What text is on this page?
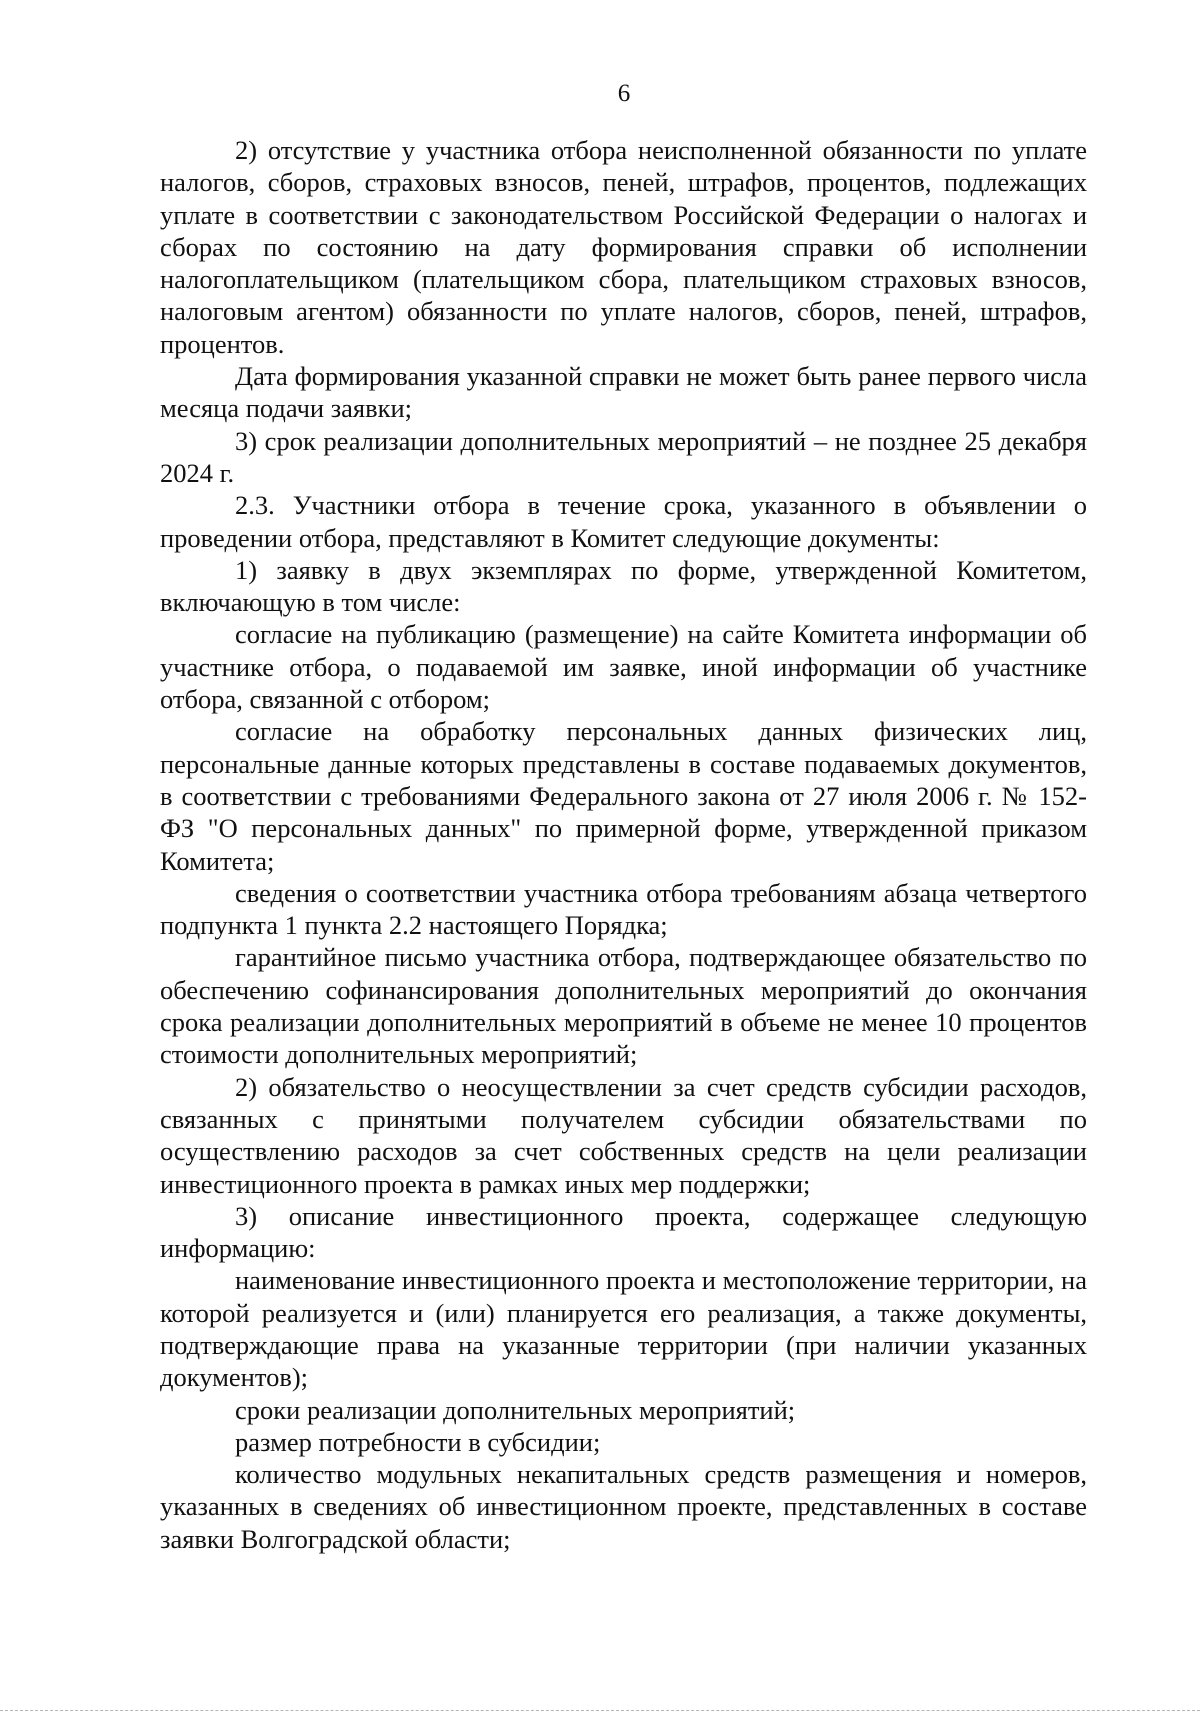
6

2) отсутствие у участника отбора неисполненной обязанности по уплате налогов, сборов, страховых взносов, пеней, штрафов, процентов, подлежащих уплате в соответствии с законодательством Российской Федерации о налогах и сборах по состоянию на дату формирования справки об исполнении налогоплательщиком (плательщиком сбора, плательщиком страховых взносов, налоговым агентом) обязанности по уплате налогов, сборов, пеней, штрафов, процентов.

Дата формирования указанной справки не может быть ранее первого числа месяца подачи заявки;

3) срок реализации дополнительных мероприятий – не позднее 25 декабря 2024 г.

2.3. Участники отбора в течение срока, указанного в объявлении о проведении отбора, представляют в Комитет следующие документы:

1) заявку в двух экземплярах по форме, утвержденной Комитетом, включающую в том числе:

согласие на публикацию (размещение) на сайте Комитета информации об участнике отбора, о подаваемой им заявке, иной информации об участнике отбора, связанной с отбором;

согласие на обработку персональных данных физических лиц, персональные данные которых представлены в составе подаваемых документов, в соответствии с требованиями Федерального закона от 27 июля 2006 г. № 152-ФЗ "О персональных данных" по примерной форме, утвержденной приказом Комитета;

сведения о соответствии участника отбора требованиям абзаца четвертого подпункта 1 пункта 2.2 настоящего Порядка;

гарантийное письмо участника отбора, подтверждающее обязательство по обеспечению софинансирования дополнительных мероприятий до окончания срока реализации дополнительных мероприятий в объеме не менее 10 процентов стоимости дополнительных мероприятий;

2) обязательство о неосуществлении за счет средств субсидии расходов, связанных с принятыми получателем субсидии обязательствами по осуществлению расходов за счет собственных средств на цели реализации инвестиционного проекта в рамках иных мер поддержки;

3) описание инвестиционного проекта, содержащее следующую информацию:

наименование инвестиционного проекта и местоположение территории, на которой реализуется и (или) планируется его реализация, а также документы, подтверждающие права на указанные территории (при наличии указанных документов);

сроки реализации дополнительных мероприятий;

размер потребности в субсидии;

количество модульных некапитальных средств размещения и номеров, указанных в сведениях об инвестиционном проекте, представленных в составе заявки Волгоградской области;
